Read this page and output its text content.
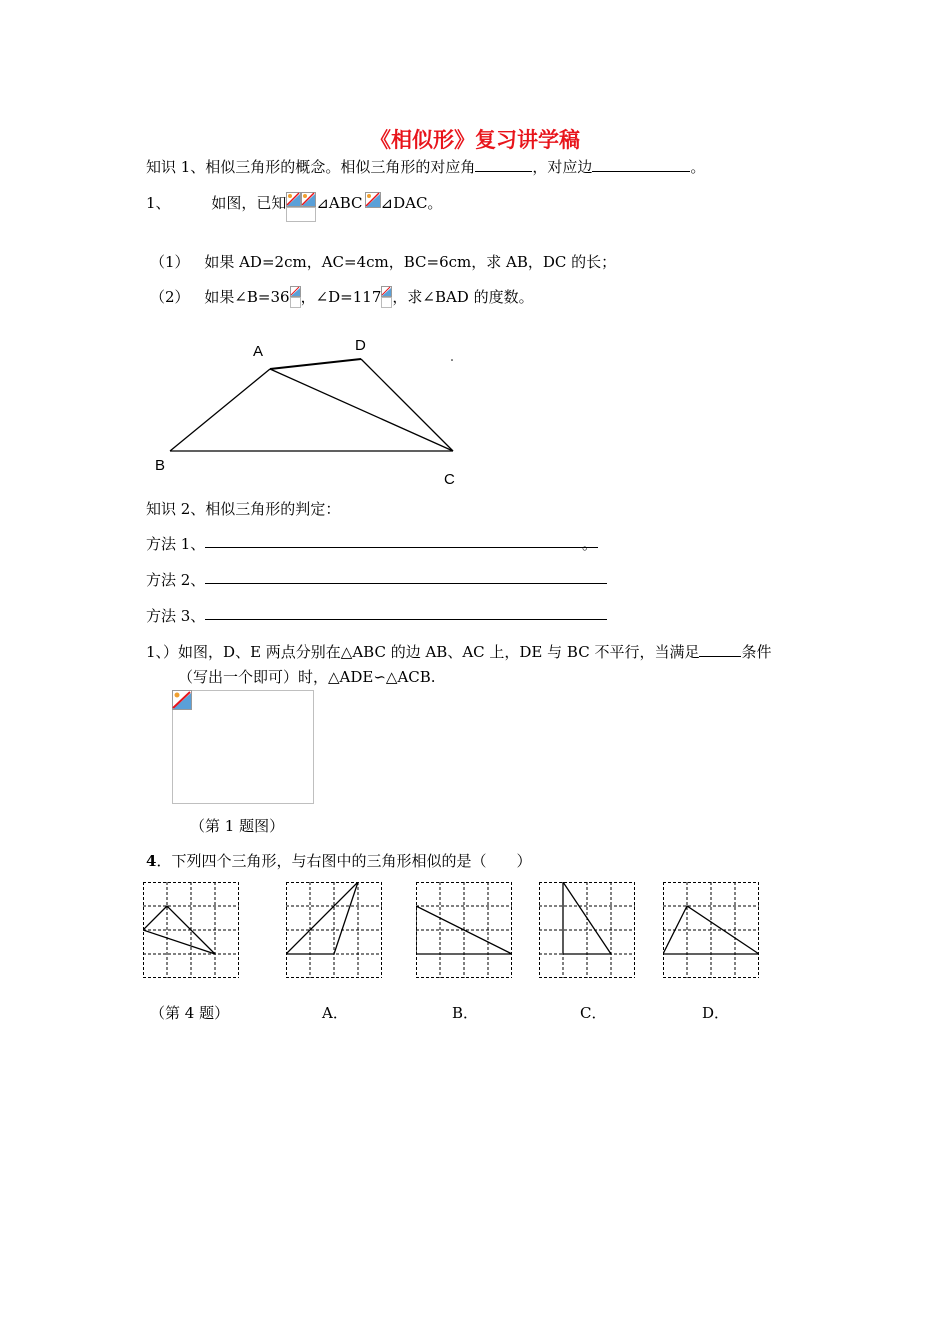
《相似形》复习讲学稿
知识 1、相似三角形的概念。相似三角形的对应角	，对应边	。
1、	如图，已知 ⊿ABC ⊿DAC。
（1） 如果 AD=2cm，AC=4cm，BC=6cm，求 AB，DC 的长；
（2） 如果∠B=36 ，∠D=117 ，求∠BAD 的度数。
A	D
B
C
知识 2、相似三角形的判定：
方法 1、	。
方法 2、
方法 3、
1、）如图，D、E 两点分别在△ABC 的边 AB、AC 上，DE 与 BC 不平行，当满足	条件
（写出一个即可）时，△ADE∽△ACB.
（第 1 题图）
4．下列四个三角形，与右图中的三角形相似的是（　　）
（第 4 题）	A．	B．	C．	D．
